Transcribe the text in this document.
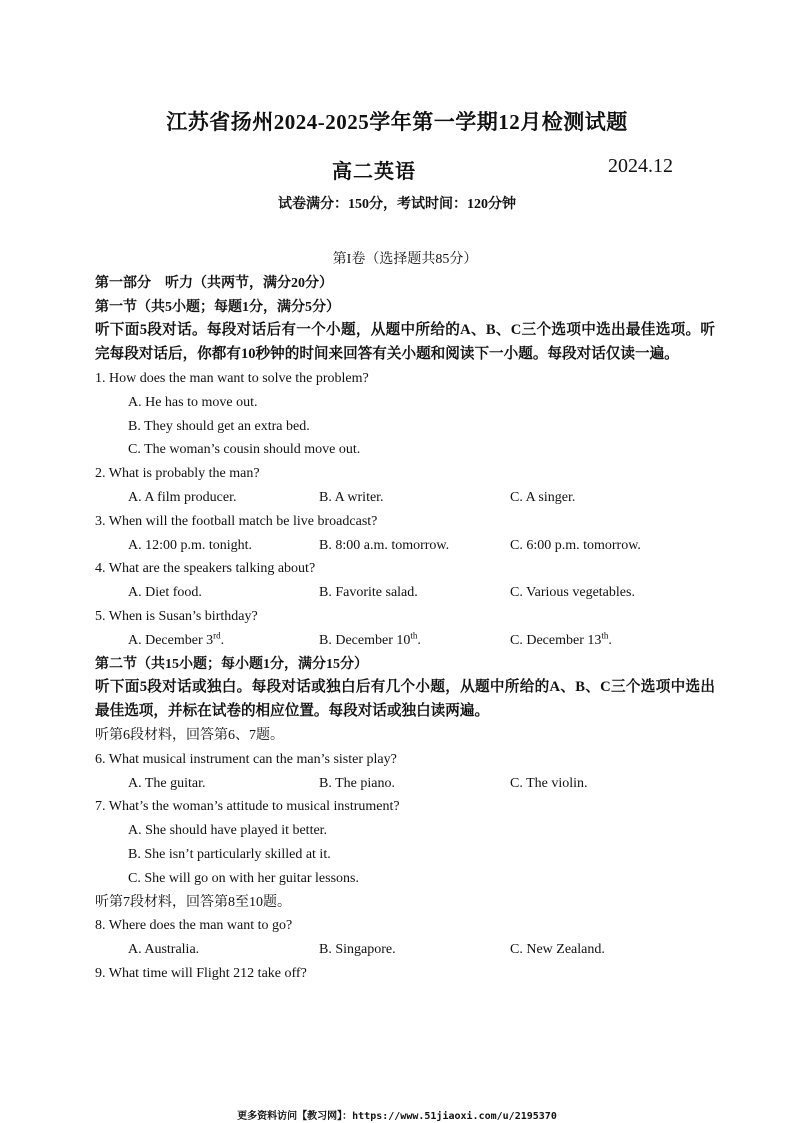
江苏省扬州2024-2025学年第一学期12月检测试题
高二英语	2024.12
试卷满分：150分，考试时间：120分钟
第I卷（选择题共85分）
第一部分　听力（共两节，满分20分）
第一节（共5小题；每题1分，满分5分）
听下面5段对话。每段对话后有一个小题，从题中所给的A、B、C三个选项中选出最佳选项。听完每段对话后，你都有10秒钟的时间来回答有关小题和阅读下一小题。每段对话仅读一遍。
1. How does the man want to solve the problem?
A. He has to move out.
B. They should get an extra bed.
C. The woman’s cousin should move out.
2. What is probably the man?
A. A film producer.	B. A writer.	C. A singer.
3. When will the football match be live broadcast?
A. 12:00 p.m. tonight.	B. 8:00 a.m. tomorrow.	C. 6:00 p.m. tomorrow.
4. What are the speakers talking about?
A. Diet food.	B. Favorite salad.	C. Various vegetables.
5. When is Susan’s birthday?
A. December 3rd.	B. December 10th.	C. December 13th.
第二节（共15小题；每小题1分，满分15分）
听下面5段对话或独白。每段对话或独白后有几个小题，从题中所给的A、B、C三个选项中选出最佳选项，并标在试卷的相应位置。每段对话或独白读两遍。
听第6段材料，回答第6、7题。
6. What musical instrument can the man’s sister play?
A. The guitar.	B. The piano.	C. The violin.
7. What’s the woman’s attitude to musical instrument?
A. She should have played it better.
B. She isn’t particularly skilled at it.
C. She will go on with her guitar lessons.
听第7段材料，回答第8至10题。
8. Where does the man want to go?
A. Australia.	B. Singapore.	C. New Zealand.
9. What time will Flight 212 take off?
更多资料访问【教习网】：https://www.51jiaoxi.com/u/2195370
